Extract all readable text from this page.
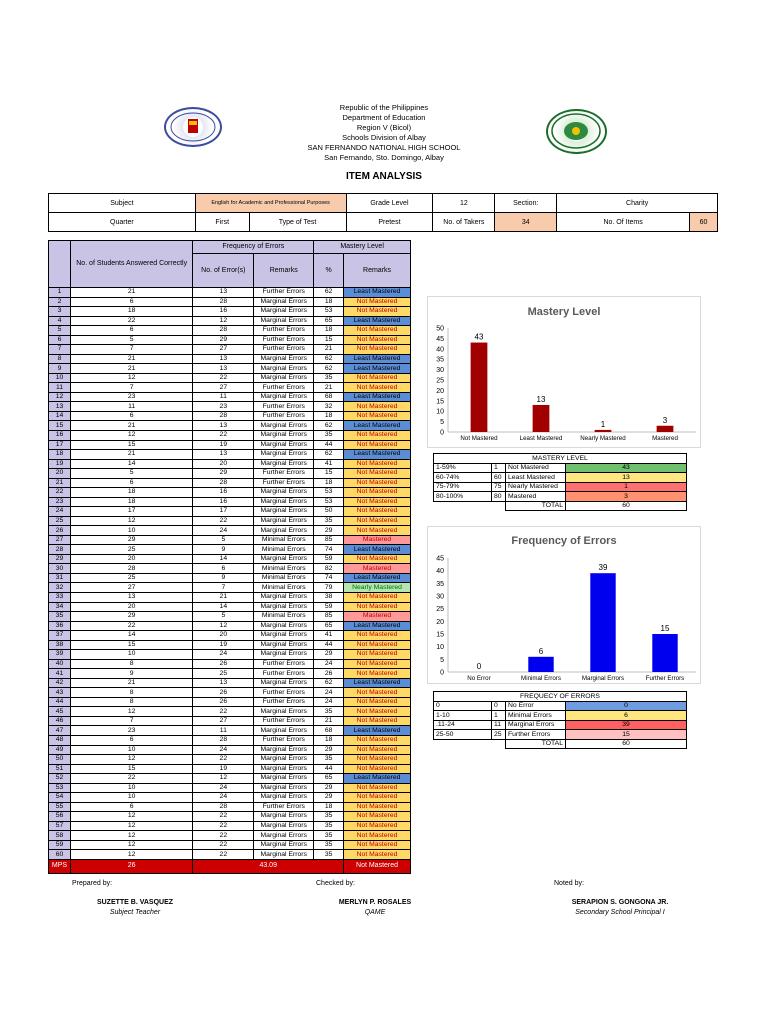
Republic of the Philippines
Department of Education
Region V (Bicol)
Schools Division of Albay
SAN FERNANDO NATIONAL HIGH SCHOOL
San Fernando, Sto. Domingo, Albay
ITEM ANALYSIS
Subject	English for Academic and Professional Purposes		Grade Level	12	Section:	Charity	
Quarter	First	Type of Test	Pretest	No. of Takers	34	No. Of Items	60
	No. of Students Answered Correctly	Frequency of Errors		Mastery Level	
		No. of Error(s)	Remarks	%	Remarks
1	21	13	Further Errors	62	Least Mastered
2	6	28	Marginal Errors	18	Not Mastered
3	18	16	Marginal Errors	53	Not Mastered
4	22	12	Marginal Errors	65	Least Mastered
5	6	28	Further Errors	18	Not Mastered
6	5	29	Further Errors	15	Not Mastered
7	7	27	Further Errors	21	Not Mastered
8	21	13	Marginal Errors	62	Least Mastered
9	21	13	Marginal Errors	62	Least Mastered
10	12	22	Marginal Errors	35	Not Mastered
11	7	27	Further Errors	21	Not Mastered
12	23	11	Marginal Errors	68	Least Mastered
13	11	23	Further Errors	32	Not Mastered
14	6	28	Further Errors	18	Not Mastered
15	21	13	Marginal Errors	62	Least Mastered
16	12	22	Marginal Errors	35	Not Mastered
17	15	19	Marginal Errors	44	Not Mastered
18	21	13	Marginal Errors	62	Least Mastered
19	14	20	Marginal Errors	41	Not Mastered
20	5	29	Further Errors	15	Not Mastered
21	6	28	Further Errors	18	Not Mastered
22	18	16	Marginal Errors	53	Not Mastered
23	18	16	Marginal Errors	53	Not Mastered
24	17	17	Marginal Errors	50	Not Mastered
25	12	22	Marginal Errors	35	Not Mastered
26	10	24	Marginal Errors	29	Not Mastered
27	29	5	Minimal Errors	85	Mastered
28	25	9	Minimal Errors	74	Least Mastered
29	20	14	Marginal Errors	59	Not Mastered
30	28	6	Minimal Errors	82	Mastered
31	25	9	Minimal Errors	74	Least Mastered
32	27	7	Minimal Errors	79	Nearly Mastered
33	13	21	Marginal Errors	38	Not Mastered
34	20	14	Marginal Errors	59	Not Mastered
35	29	5	Minimal Errors	85	Mastered
36	22	12	Marginal Errors	65	Least Mastered
37	14	20	Marginal Errors	41	Not Mastered
38	15	19	Marginal Errors	44	Not Mastered
39	10	24	Marginal Errors	29	Not Mastered
40	8	26	Further Errors	24	Not Mastered
41	9	25	Further Errors	26	Not Mastered
42	21	13	Marginal Errors	62	Least Mastered
43	8	26	Further Errors	24	Not Mastered
44	8	26	Further Errors	24	Not Mastered
45	12	22	Marginal Errors	35	Not Mastered
46	7	27	Further Errors	21	Not Mastered
47	23	11	Marginal Errors	68	Least Mastered
48	6	28	Further Errors	18	Not Mastered
49	10	24	Marginal Errors	29	Not Mastered
50	12	22	Marginal Errors	35	Not Mastered
51	15	19	Marginal Errors	44	Not Mastered
52	22	12	Marginal Errors	65	Least Mastered
53	10	24	Marginal Errors	29	Not Mastered
54	10	24	Marginal Errors	29	Not Mastered
55	6	28	Further Errors	18	Not Mastered
56	12	22	Marginal Errors	35	Not Mastered
57	12	22	Marginal Errors	35	Not Mastered
58	12	22	Marginal Errors	35	Not Mastered
59	12	22	Marginal Errors	35	Not Mastered
60	12	22	Marginal Errors	35	Not Mastered
MPS	26	43.09			Not Mastered
Mastery Level
0
5
10
15
20
25
30
35
40
45
50
43
Not Mastered
13
Least Mastered
1
Nearly Mastered
3
Mastered
MASTERY LEVEL			
1-59%	1	Not Mastered	43
60-74%	60	Least Mastered	13
75-79%	75	Nearly Mastered	1
80-100%	80	Mastered	3
		TOTAL	60
Frequency of Errors
0
5
10
15
20
25
30
35
40
45
0
No Error
6
Minimal Errors
39
Marginal Errors
15
Further Errors
FREQUECY OF ERRORS			
0	0	No Error	0
1-10	1	Minimal Errors	6
.11-24	11	Marginal Errors	39
25-50	25	Further Errors	15
		TOTAL	60
Prepared by:	Checked by:	Noted by:
SUZETTE B. VASQUEZ
Subject Teacher
MERLYN P. ROSALES
QAME
SERAPION S. GONGONA JR.
Secondary School Principal I
